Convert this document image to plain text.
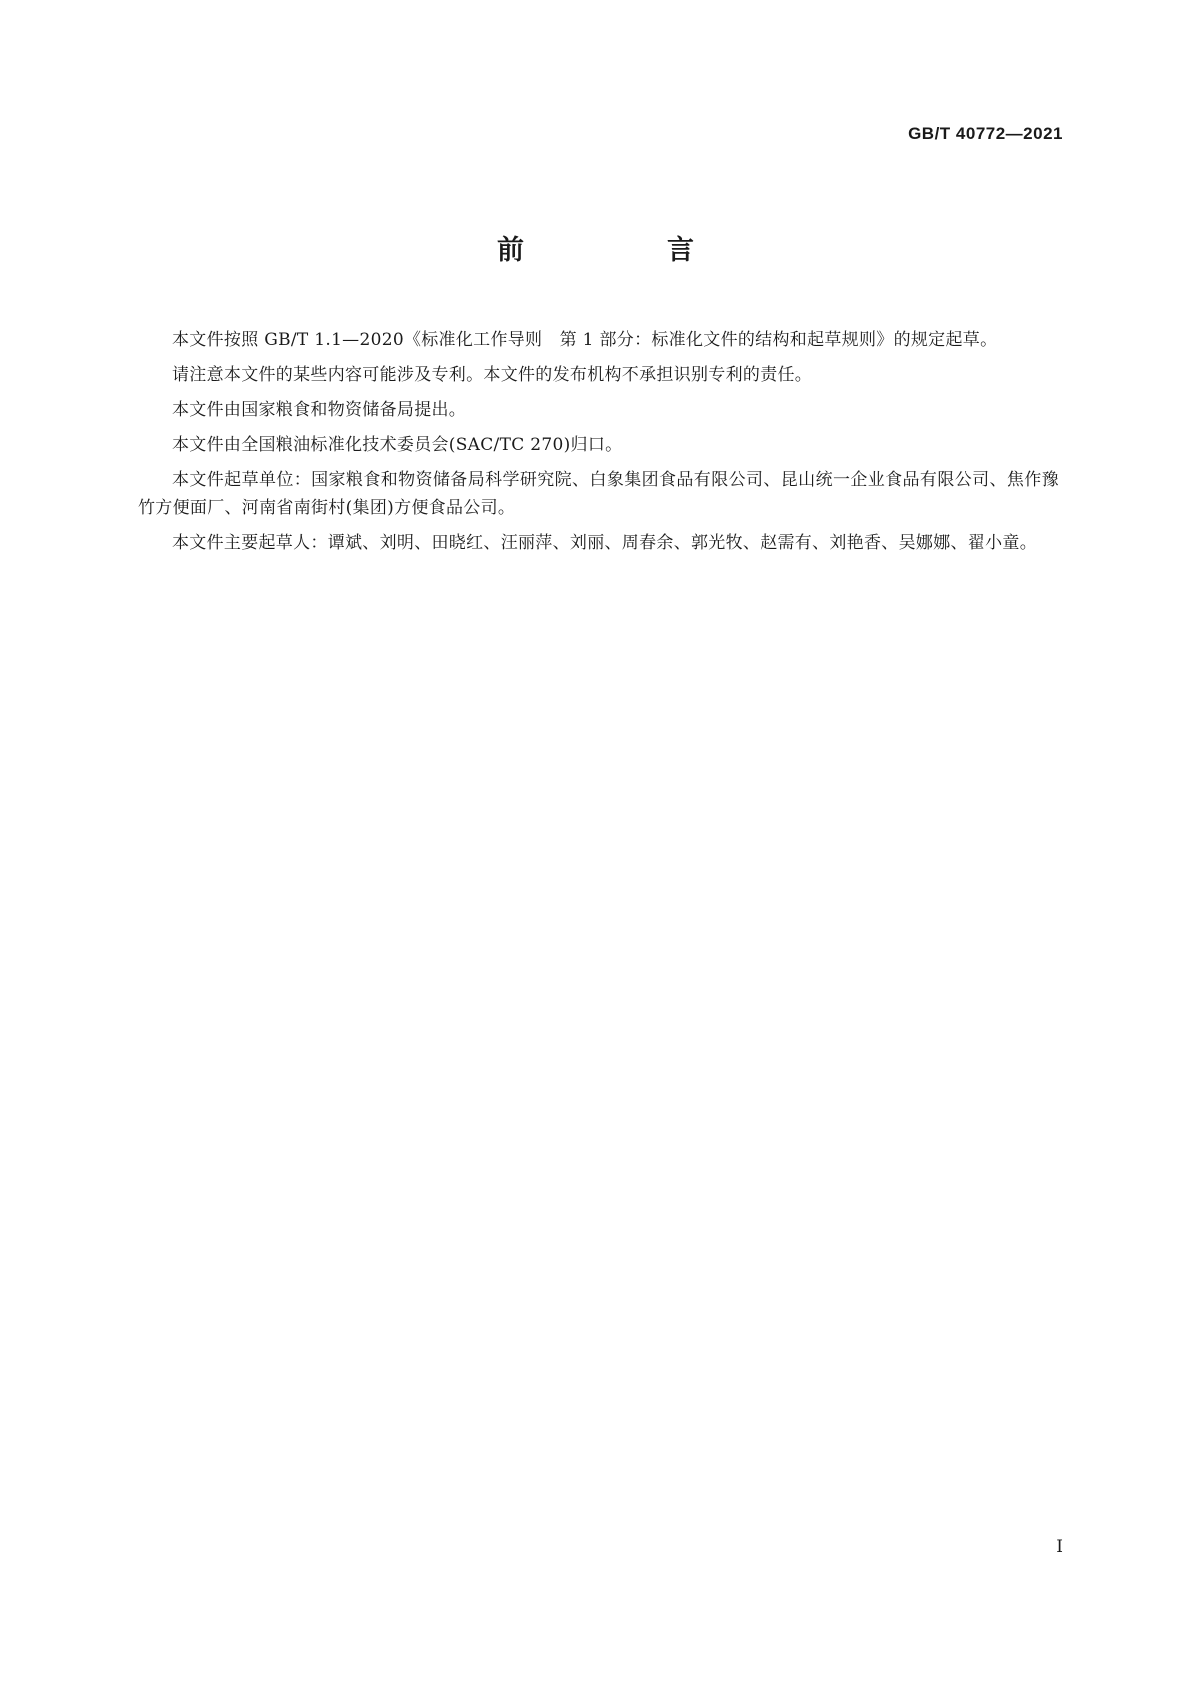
GB/T 40772—2021
前　言

本文件按照 GB/T 1.1—2020《标准化工作导则　第 1 部分：标准化文件的结构和起草规则》的规定起草。

请注意本文件的某些内容可能涉及专利。本文件的发布机构不承担识别专利的责任。

本文件由国家粮食和物资储备局提出。

本文件由全国粮油标准化技术委员会(SAC/TC 270)归口。

本文件起草单位：国家粮食和物资储备局科学研究院、白象集团食品有限公司、昆山统一企业食品有限公司、焦作豫竹方便面厂、河南省南街村(集团)方便食品公司。

本文件主要起草人：谭斌、刘明、田晓红、汪丽萍、刘丽、周春余、郭光牧、赵需有、刘艳香、吴娜娜、翟小童。

I
